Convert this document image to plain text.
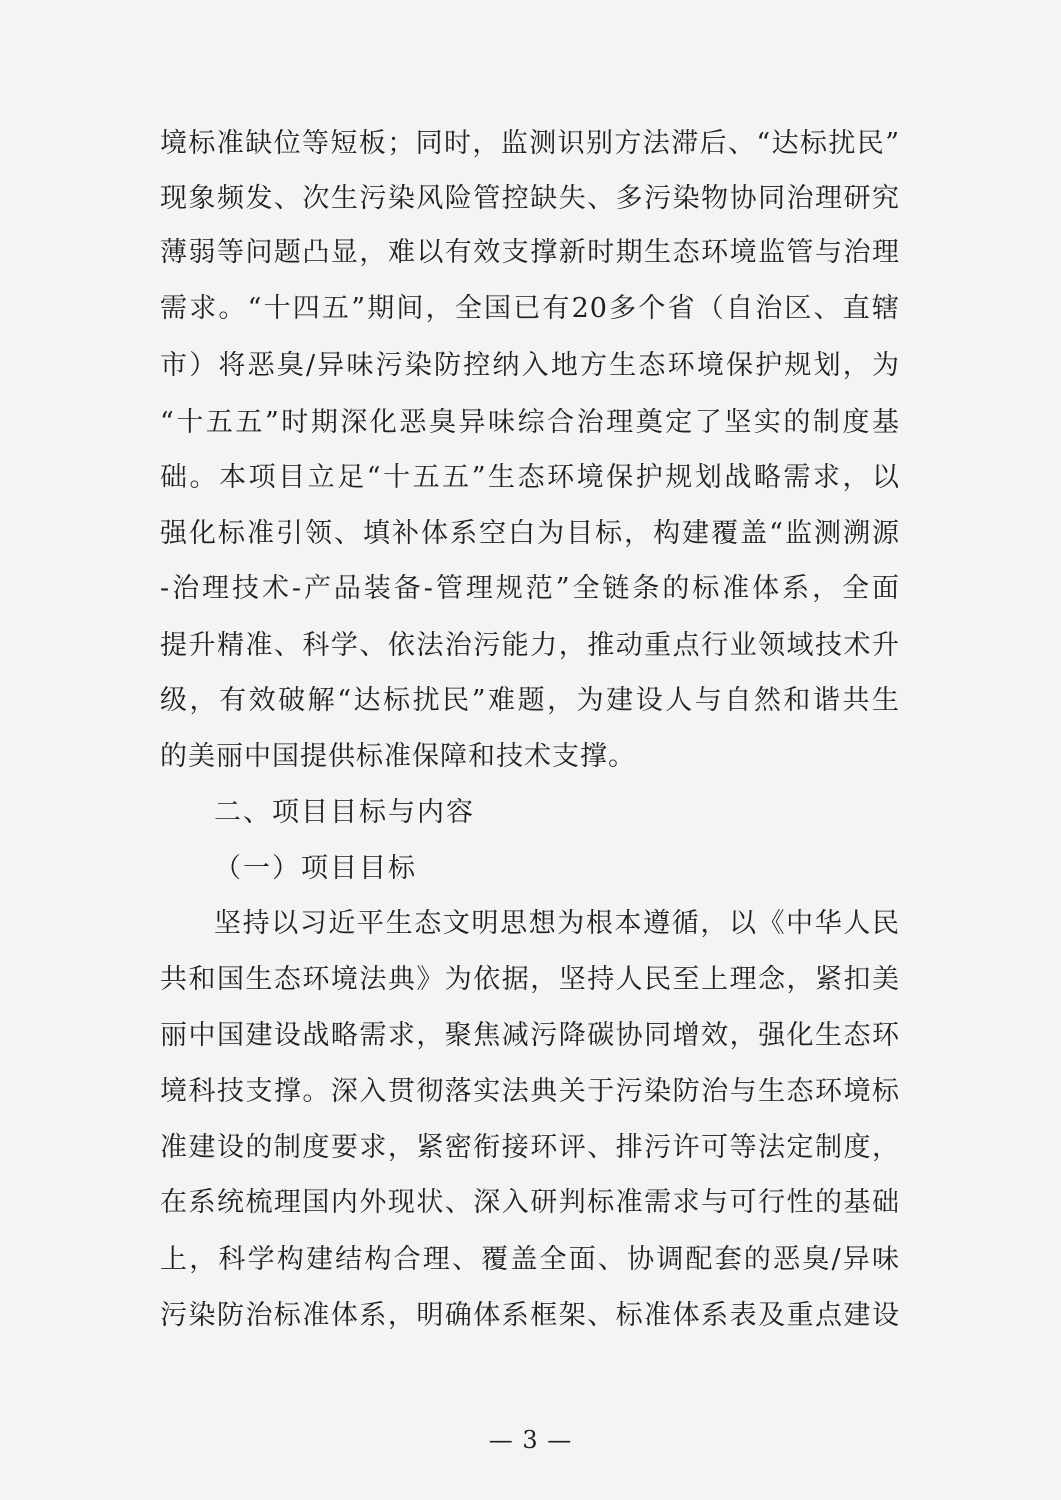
境标准缺位等短板；同时，监测识别方法滞后、“达标扰民”
现象频发、次生污染风险管控缺失、多污染物协同治理研究
薄弱等问题凸显，难以有效支撑新时期生态环境监管与治理
需求。“十四五”期间，全国已有20多个省（自治区、直辖
市）将恶臭/异味污染防控纳入地方生态环境保护规划，为
“十五五”时期深化恶臭异味综合治理奠定了坚实的制度基
础。本项目立足“十五五”生态环境保护规划战略需求，以
强化标准引领、填补体系空白为目标，构建覆盖“监测溯源
-治理技术-产品装备-管理规范”全链条的标准体系，全面
提升精准、科学、依法治污能力，推动重点行业领域技术升
级，有效破解“达标扰民”难题，为建设人与自然和谐共生
的美丽中国提供标准保障和技术支撑。
二、项目目标与内容
（一）项目目标
坚持以习近平生态文明思想为根本遵循，以《中华人民
共和国生态环境法典》为依据，坚持人民至上理念，紧扣美
丽中国建设战略需求，聚焦减污降碳协同增效，强化生态环
境科技支撑。深入贯彻落实法典关于污染防治与生态环境标
准建设的制度要求，紧密衔接环评、排污许可等法定制度，
在系统梳理国内外现状、深入研判标准需求与可行性的基础
上，科学构建结构合理、覆盖全面、协调配套的恶臭/异味
污染防治标准体系，明确体系框架、标准体系表及重点建设
— 3 —
